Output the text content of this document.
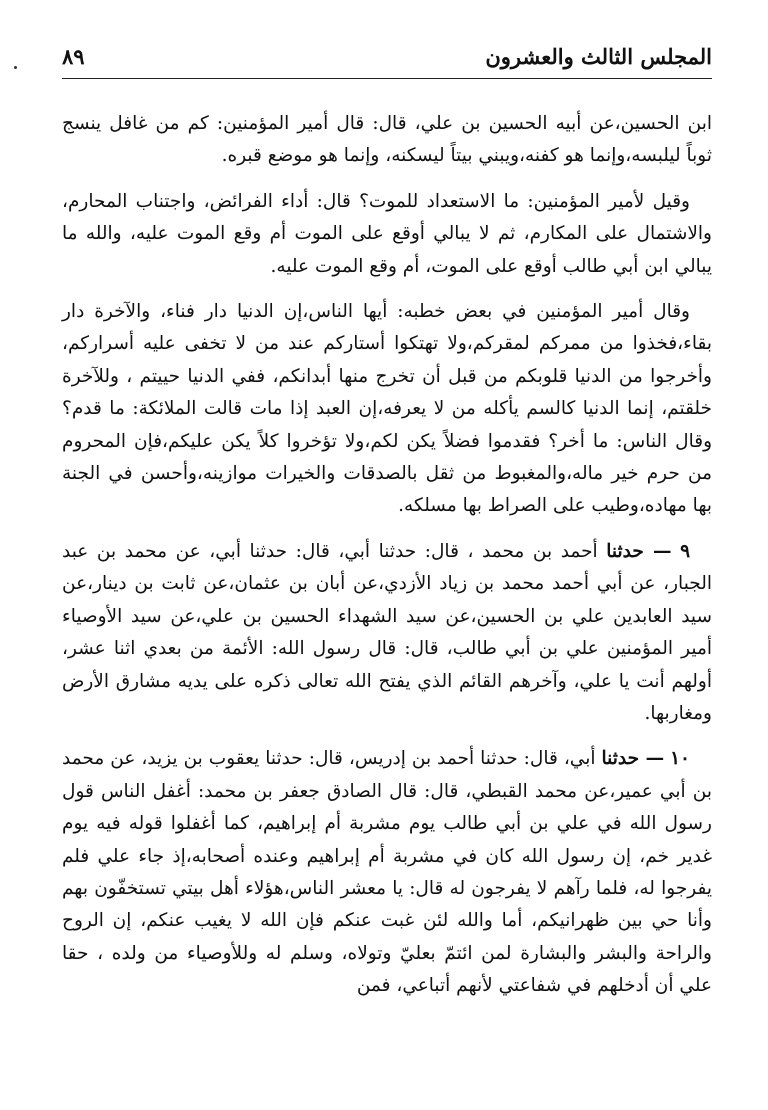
المجلس الثالث والعشرون
٨٩

ابن الحسين،عن أبيه الحسين بن علي، قال: قال أمير المؤمنين: كم من غافل ينسج ثوباً ليلبسه،وإنما هو كفنه،ويبني بيتاً ليسكنه، وإنما هو موضع قبره.

وقيل لأمير المؤمنين: ما الاستعداد للموت؟ قال: أداء الفرائض، واجتناب المحارم، والاشتمال على المكارم، ثم لا يبالي أوقع على الموت أم وقع الموت عليه، والله ما يبالي ابن أبي طالب أوقع على الموت، أم وقع الموت عليه.

وقال أمير المؤمنين في بعض خطبه: أيها الناس،إن الدنيا دار فناء، والآخرة دار بقاء،فخذوا من ممركم لمقركم،ولا تهتكوا أستاركم عند من لا تخفى عليه أسراركم، وأخرجوا من الدنيا قلوبكم من قبل أن تخرج منها أبدانكم، ففي الدنيا حييتم ، وللآخرة خلقتم، إنما الدنيا كالسم يأكله من لا يعرفه،إن العبد إذا مات قالت الملائكة: ما قدم؟ وقال الناس: ما أخر؟ فقدموا فضلاً يكن لكم،ولا تؤخروا كلاً يكن عليكم،فإن المحروم من حرم خير ماله،والمغبوط من ثقل بالصدقات والخيرات موازينه،وأحسن في الجنة بها مهاده،وطيب على الصراط بها مسلكه.

٩ — حدثنا أحمد بن محمد ، قال: حدثنا أبي، قال: حدثنا أبي، عن محمد بن عبد الجبار، عن أبي أحمد محمد بن زياد الأزدي،عن أبان بن عثمان،عن ثابت بن دينار،عن سيد العابدين علي بن الحسين،عن سيد الشهداء الحسين بن علي،عن سيد الأوصياء أمير المؤمنين علي بن أبي طالب، قال: قال رسول الله: الأئمة من بعدي اثنا عشر، أولهم أنت يا علي، وآخرهم القائم الذي يفتح الله تعالى ذكره على يديه مشارق الأرض ومغاربها.

١٠ — حدثنا أبي، قال: حدثنا أحمد بن إدريس، قال: حدثنا يعقوب بن يزيد، عن محمد بن أبي عمير،عن محمد القبطي، قال: قال الصادق جعفر بن محمد: أغفل الناس قول رسول الله في علي بن أبي طالب يوم مشربة أم إبراهيم، كما أغفلوا قوله فيه يوم غدير خم، إن رسول الله كان في مشربة أم إبراهيم وعنده أصحابه،إذ جاء علي فلم يفرجوا له، فلما رآهم لا يفرجون له قال: يا معشر الناس،هؤلاء أهل بيتي تستخفّون بهم وأنا حي بين ظهرانيكم، أما والله لئن غبت عنكم فإن الله لا يغيب عنكم، إن الروح والراحة والبشر والبشارة لمن ائتمّ بعليّ وتولاه، وسلم له وللأوصياء من ولده ، حقا علي أن أدخلهم في شفاعتي لأنهم أتباعي، فمن
